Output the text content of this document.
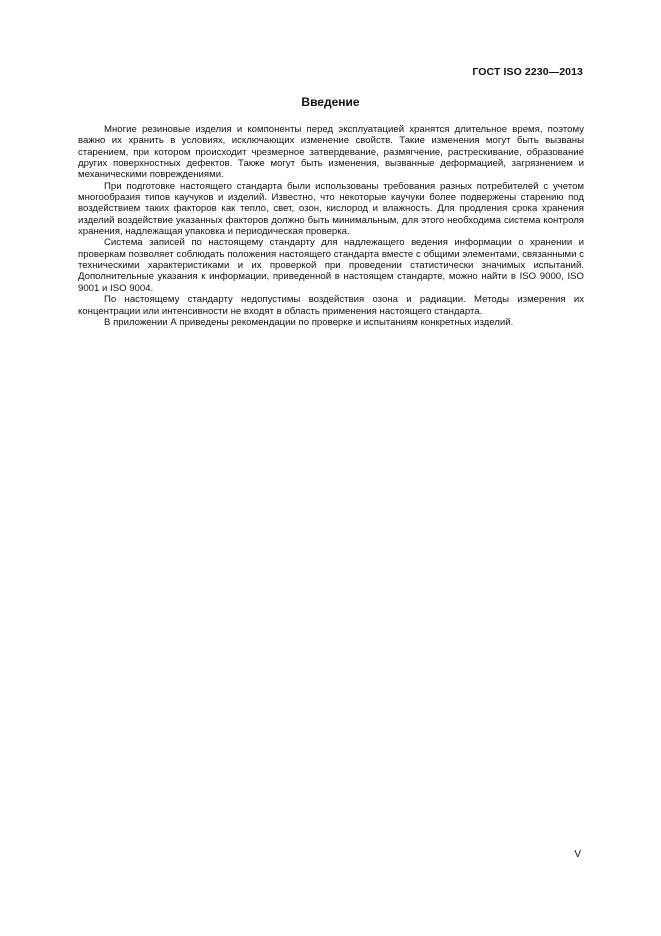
ГОСТ ISO 2230—2013
Введение

Многие резиновые изделия и компоненты перед эксплуатацией хранятся длительное время, поэтому важно их хранить в условиях, исключающих изменение свойств. Такие изменения могут быть вызваны старением, при котором происходит чрезмерное затвердевание, размягчение, растрескивание, образование других поверхностных дефектов. Также могут быть изменения, вызванные деформацией, загрязнением и механическими повреждениями.

При подготовке настоящего стандарта были использованы требования разных потребителей с учетом многообразия типов каучуков и изделий. Известно, что некоторые каучуки более подвержены старению под воздействием таких факторов как тепло, свет, озон, кислород и влажность. Для продления срока хранения изделий воздействие указанных факторов должно быть минимальным, для этого необходима система контроля хранения, надлежащая упаковка и периодическая проверка.

Система записей по настоящему стандарту для надлежащего ведения информации о хранении и проверкам позволяет соблюдать положения настоящего стандарта вместе с общими элементами, связанными с техническими характеристиками и их проверкой при проведении статистически значимых испытаний. Дополнительные указания к информации, приведенной в настоящем стандарте, можно найти в ISO 9000, ISO 9001 и ISO 9004.

По настоящему стандарту недопустимы воздействия озона и радиации. Методы измерения их концентрации или интенсивности не входят в область применения настоящего стандарта.

В приложении А приведены рекомендации по проверке и испытаниям конкретных изделий.

V
